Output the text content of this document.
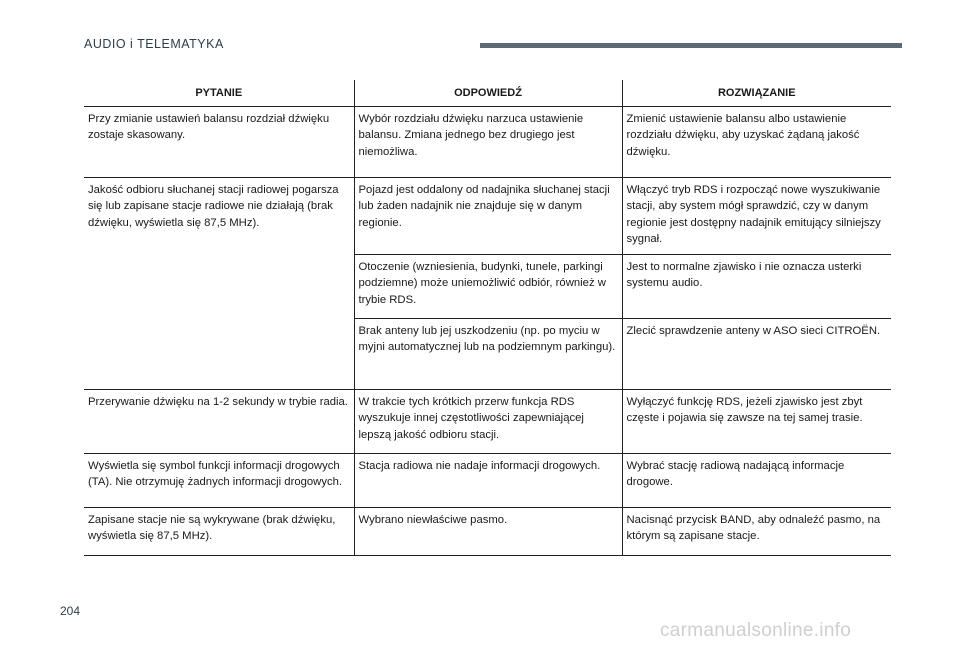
AUDIO i TELEMATYKA
PYTANIE	ODPOWIEDŹ	ROZWIĄZANIE
Przy zmianie ustawień balansu rozdział dźwięku zostaje skasowany.	Wybór rozdziału dźwięku narzuca ustawienie balansu. Zmiana jednego bez drugiego jest niemożliwa.	Zmienić ustawienie balansu albo ustawienie rozdziału dźwięku, aby uzyskać żądaną jakość dźwięku.
Jakość odbioru słuchanej stacji radiowej pogarsza się lub zapisane stacje radiowe nie działają (brak dźwięku, wyświetla się 87,5 MHz).	Pojazd jest oddalony od nadajnika słuchanej stacji lub żaden nadajnik nie znajduje się w danym regionie.	Włączyć tryb RDS i rozpocząć nowe wyszukiwanie stacji, aby system mógł sprawdzić, czy w danym regionie jest dostępny nadajnik emitujący silniejszy sygnał.
	Otoczenie (wzniesienia, budynki, tunele, parkingi podziemne) może uniemożliwić odbiór, również w trybie RDS.	Jest to normalne zjawisko i nie oznacza usterki systemu audio.
	Brak anteny lub jej uszkodzeniu (np. po myciu w myjni automatycznej lub na podziemnym parkingu).	Zlecić sprawdzenie anteny w ASO sieci CITROËN.
Przerywanie dźwięku na 1-2 sekundy w trybie radia.	W trakcie tych krótkich przerw funkcja RDS wyszukuje innej częstotliwości zapewniającej lepszą jakość odbioru stacji.	Wyłączyć funkcję RDS, jeżeli zjawisko jest zbyt częste i pojawia się zawsze na tej samej trasie.
Wyświetla się symbol funkcji informacji drogowych (TA). Nie otrzymuję żadnych informacji drogowych.	Stacja radiowa nie nadaje informacji drogowych.	Wybrać stację radiową nadającą informacje drogowe.
Zapisane stacje nie są wykrywane (brak dźwięku, wyświetla się 87,5 MHz).	Wybrano niewłaściwe pasmo.	Nacisnąć przycisk BAND, aby odnaleźć pasmo, na którym są zapisane stacje.
204
carmanualsonline.info
